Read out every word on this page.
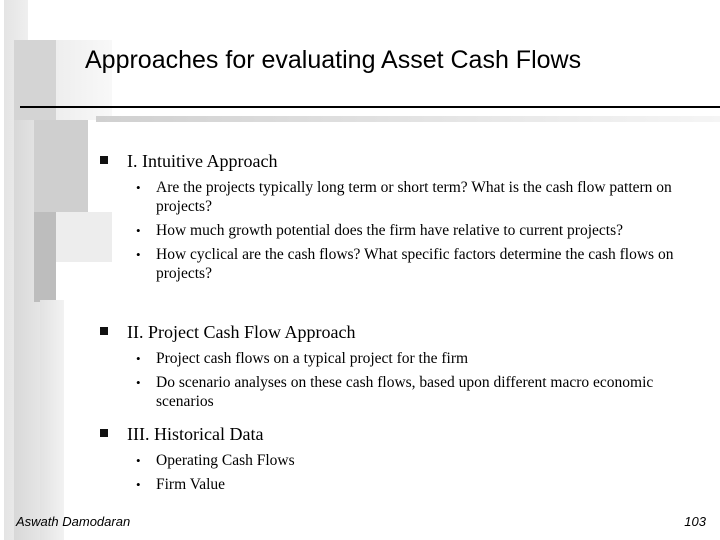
Approaches for evaluating Asset Cash Flows
I. Intuitive Approach
• Are the projects typically long term or short term? What is the cash flow pattern on projects?
• How much growth potential does the firm have relative to current projects?
• How cyclical are the cash flows? What specific factors determine the cash flows on projects?
II. Project Cash Flow Approach
• Project cash flows on a typical project for the firm
• Do scenario analyses on these cash flows, based upon different macro economic scenarios
III. Historical Data
• Operating Cash Flows
• Firm Value
Aswath Damodaran	103
